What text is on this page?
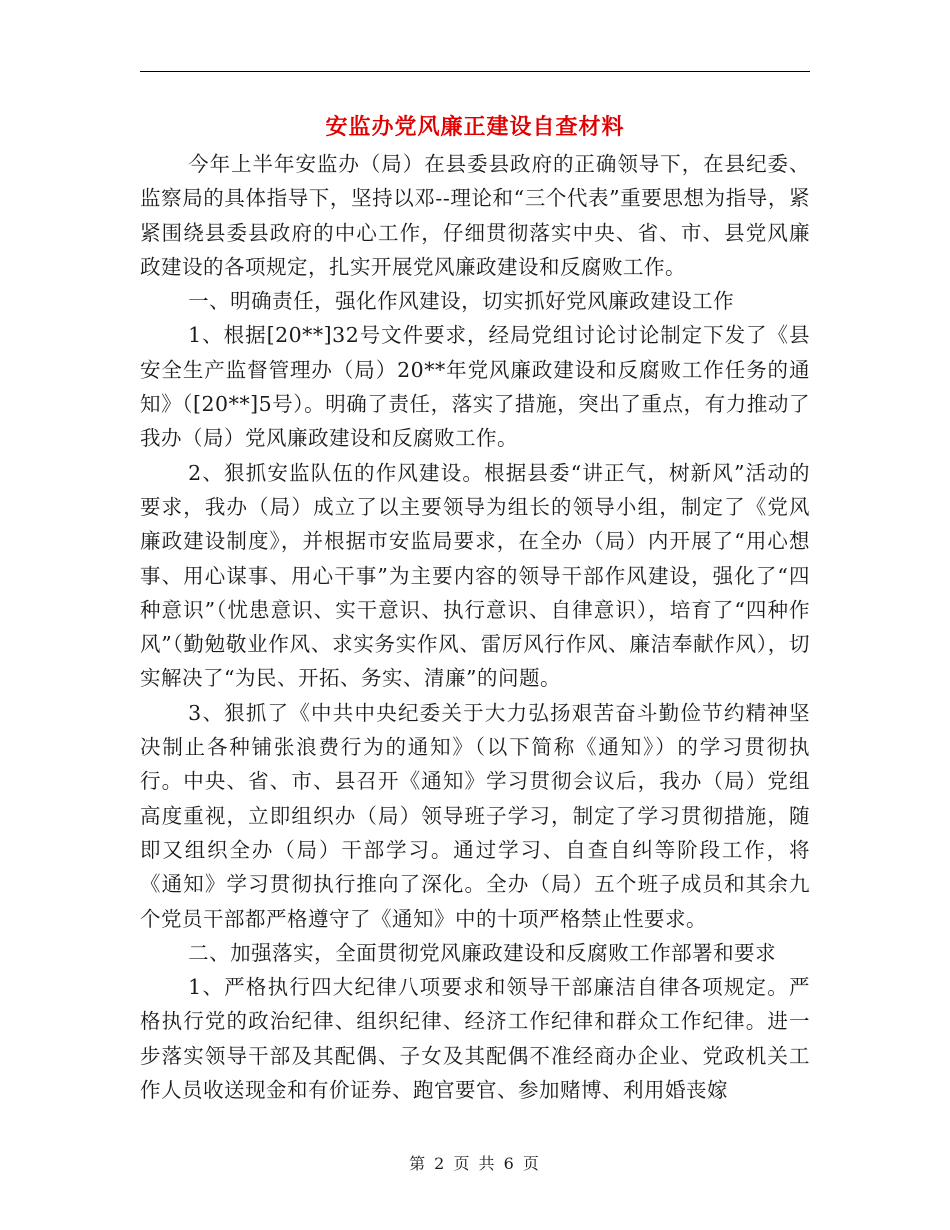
安监办党风廉正建设自查材料

今年上半年安监办（局）在县委县政府的正确领导下，在县纪委、监察局的具体指导下，坚持以邓--理论和“三个代表”重要思想为指导，紧紧围绕县委县政府的中心工作，仔细贯彻落实中央、省、市、县党风廉政建设的各项规定，扎实开展党风廉政建设和反腐败工作。

一、明确责任，强化作风建设，切实抓好党风廉政建设工作

1、根据[20**]32号文件要求，经局党组讨论讨论制定下发了《县安全生产监督管理办（局）20**年党风廉政建设和反腐败工作任务的通知》（[20**]5号）。明确了责任，落实了措施，突出了重点，有力推动了我办（局）党风廉政建设和反腐败工作。

2、狠抓安监队伍的作风建设。根据县委“讲正气，树新风”活动的要求，我办（局）成立了以主要领导为组长的领导小组，制定了《党风廉政建设制度》，并根据市安监局要求，在全办（局）内开展了“用心想事、用心谋事、用心干事”为主要内容的领导干部作风建设，强化了“四种意识”（忧患意识、实干意识、执行意识、自律意识），培育了“四种作风”（勤勉敬业作风、求实务实作风、雷厉风行作风、廉洁奉献作风），切实解决了“为民、开拓、务实、清廉”的问题。

3、狠抓了《中共中央纪委关于大力弘扬艰苦奋斗勤俭节约精神坚决制止各种铺张浪费行为的通知》（以下简称《通知》）的学习贯彻执行。中央、省、市、县召开《通知》学习贯彻会议后，我办（局）党组高度重视，立即组织办（局）领导班子学习，制定了学习贯彻措施，随即又组织全办（局）干部学习。通过学习、自查自纠等阶段工作，将《通知》学习贯彻执行推向了深化。全办（局）五个班子成员和其余九个党员干部都严格遵守了《通知》中的十项严格禁止性要求。

二、加强落实，全面贯彻党风廉政建设和反腐败工作部署和要求

1、严格执行四大纪律八项要求和领导干部廉洁自律各项规定。严格执行党的政治纪律、组织纪律、经济工作纪律和群众工作纪律。进一步落实领导干部及其配偶、子女及其配偶不准经商办企业、党政机关工作人员收送现金和有价证券、跑官要官、参加赌博、利用婚丧嫁

第 2 页 共 6 页
